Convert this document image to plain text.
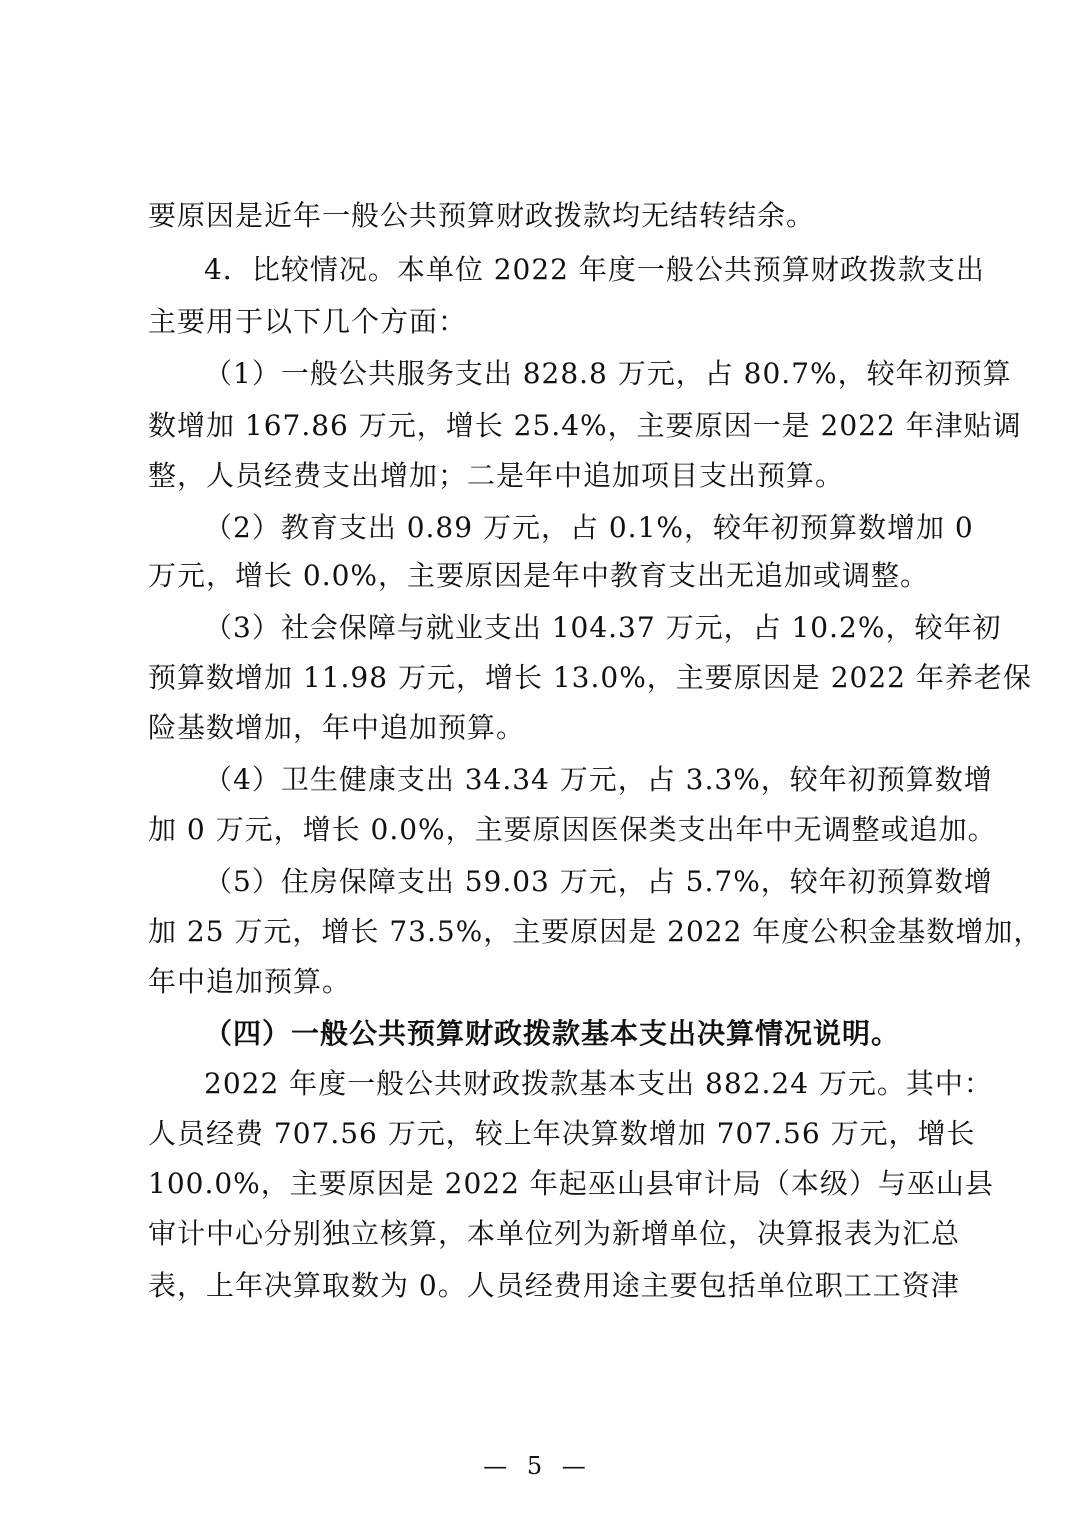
要原因是近年一般公共预算财政拨款均无结转结余。
4．比较情况。本单位 2022 年度一般公共预算财政拨款支出
主要用于以下几个方面：
（1）一般公共服务支出 828.8 万元，占 80.7%，较年初预算
数增加 167.86 万元，增长 25.4%，主要原因一是 2022 年津贴调
整，人员经费支出增加；二是年中追加项目支出预算。
（2）教育支出 0.89 万元，占 0.1%，较年初预算数增加 0
万元，增长 0.0%，主要原因是年中教育支出无追加或调整。
（3）社会保障与就业支出 104.37 万元，占 10.2%，较年初
预算数增加 11.98 万元，增长 13.0%，主要原因是 2022 年养老保
险基数增加，年中追加预算。
（4）卫生健康支出 34.34 万元，占 3.3%，较年初预算数增
加 0 万元，增长 0.0%，主要原因医保类支出年中无调整或追加。
（5）住房保障支出 59.03 万元，占 5.7%，较年初预算数增
加 25 万元，增长 73.5%，主要原因是 2022 年度公积金基数增加，
年中追加预算。
（四）一般公共预算财政拨款基本支出决算情况说明。
2022 年度一般公共财政拨款基本支出 882.24 万元。其中：
人员经费 707.56 万元，较上年决算数增加 707.56 万元，增长
100.0%，主要原因是 2022 年起巫山县审计局（本级）与巫山县
审计中心分别独立核算，本单位列为新增单位，决算报表为汇总
表，上年决算取数为 0。人员经费用途主要包括单位职工工资津
— 5 —
